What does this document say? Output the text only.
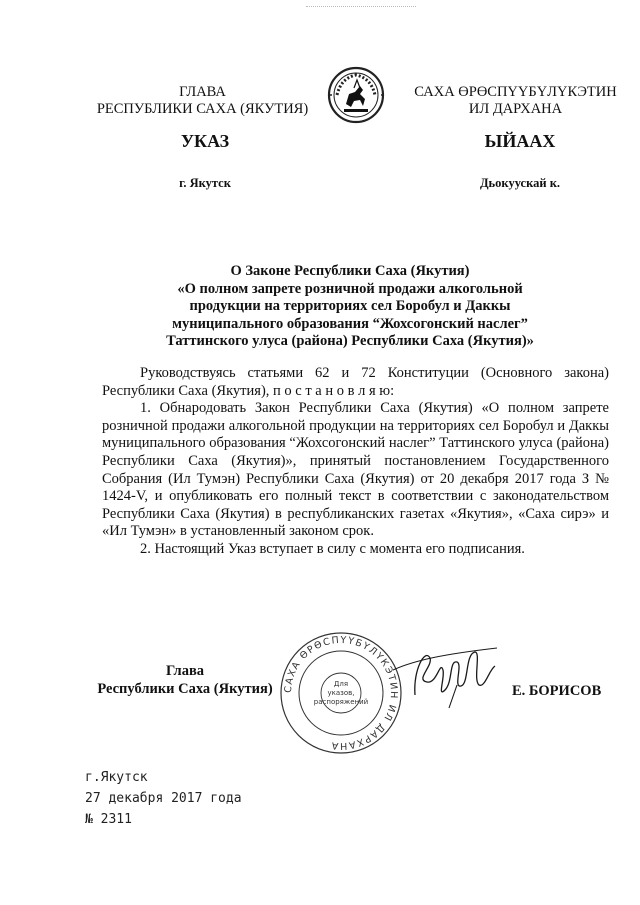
ГЛАВА
РЕСПУБЛИКИ САХА (ЯКУТИЯ)
САХА ӨРӨСПҮҮБҮЛҮКЭТИН
ИЛ ДАРХАНА
УКАЗ	ЫЙААХ
г. Якутск	Дьокуускай к.
О Законе Республики Саха (Якутия)
«О полном запрете розничной продажи алкогольной
продукции на территориях сел Боробул и Даккы
муниципального образования “Жохсогонский наслег”
Таттинского улуса (района) Республики Саха (Якутия)»

Руководствуясь статьями 62 и 72 Конституции (Основного закона) Республики Саха (Якутия), п о с т а н о в л я ю:

1. Обнародовать Закон Республики Саха (Якутия) «О полном запрете розничной продажи алкогольной продукции на территориях сел Боробул и Даккы муниципального образования “Жохсогонский наслег” Таттинского улуса (района) Республики Саха (Якутия)», принятый постановлением Государственного Собрания (Ил Тумэн) Республики Саха (Якутия) от 20 декабря 2017 года З № 1424-V, и опубликовать его полный текст в соответствии с законодательством Республики Саха (Якутия) в республиканских газетах «Якутия», «Саха сирэ» и «Ил Тумэн» в установленный законом срок.

2. Настоящий Указ вступает в силу с момента его подписания.

Глава
Республики Саха (Якутия) САХА ӨРӨСПҮҮБҮЛҮКЭТИН ИЛ ДАРХАНА
Для
указов,
распоряжений
Е. БОРИСОВ
г.Якутск
27 декабря 2017 года
№ 2311
